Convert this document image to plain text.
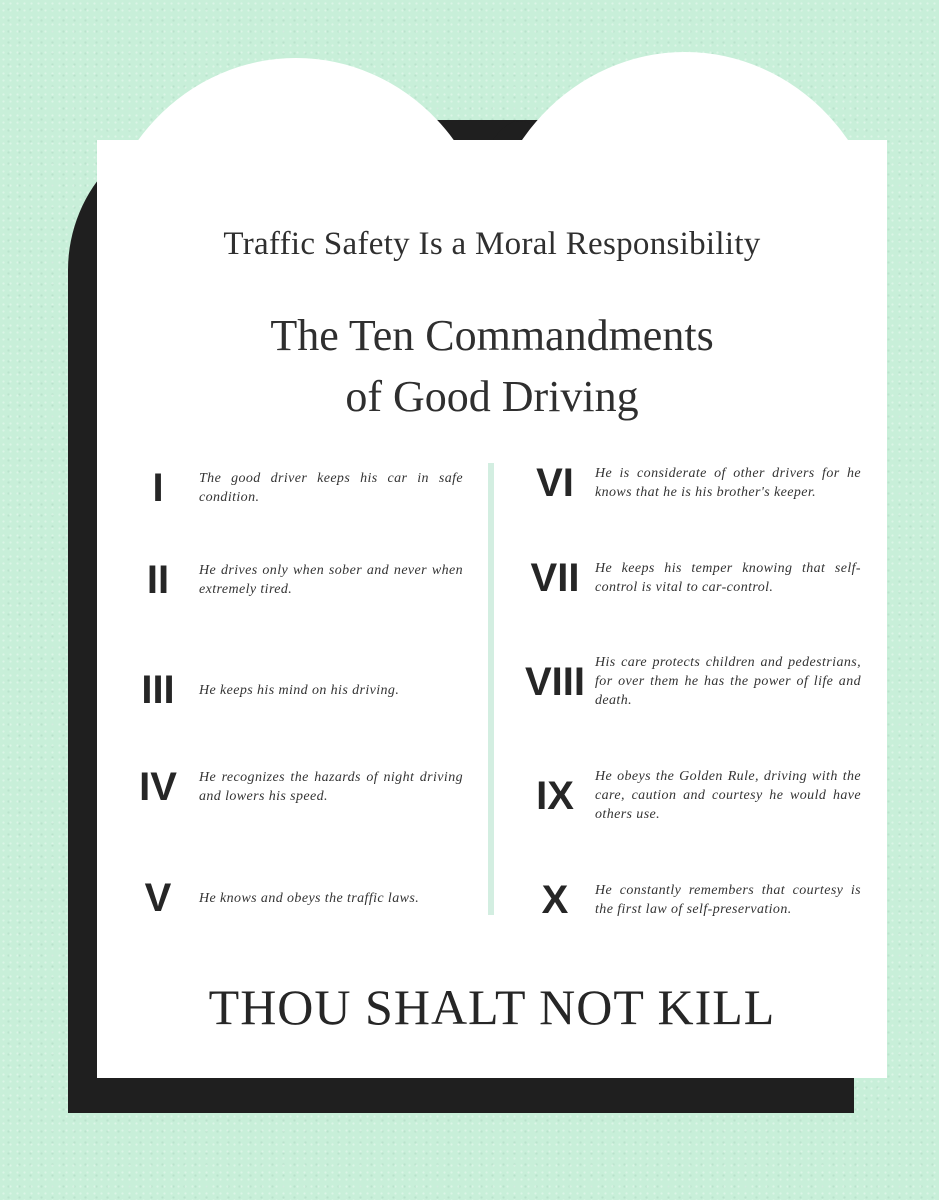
Traffic Safety Is a Moral Responsibility
The Ten Commandments
of Good Driving
I	The good driver keeps his car in safe condition.
II	He drives only when sober and never when extremely tired.
III	He keeps his mind on his driving.
IV	He recognizes the hazards of night driving and lowers his speed.
V	He knows and obeys the traffic laws.
VI	He is considerate of other drivers for he knows that he is his brother's keeper.
VII	He keeps his temper knowing that self-control is vital to car-control.
VIII His care protects children and pedestrians, for over them he has the power of life and death.
IX	He obeys the Golden Rule, driving with the care, caution and courtesy he would have others use.
X	He constantly remembers that courtesy is the first law of self-preservation.
THOU SHALT NOT KILL
